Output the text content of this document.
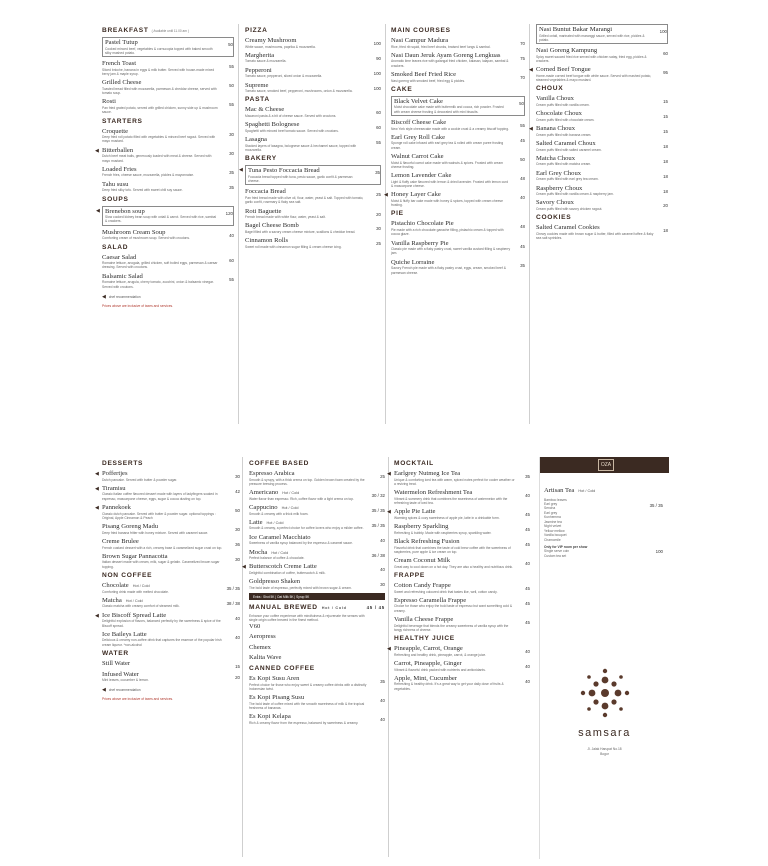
BREAKFAST ( Available until 11.00 am )
Pastel Tutup
Cooked minced beef, vegetables & cornucopia topped with baked smooth silky mashed potato.
50
French Toast
Sliced brioche, banana in eggs & milk butter. Served with house-made mixed berry jam & maple syrup.
55
Grilled Cheese
Toasted bread filled with mozzarella, parmesan & cheddar cheese, served with tomato soup.
50
Rosti
Pan fried grated potato, served with grilled chicken, sunny side up & mushroom sauce.
55
STARTERS
Croquette
Deep fried roll potato filled with vegetables & minced beef ragout. Served with mayo mustard.
30
◀ Bitterballen
Dutch beef meat balls, generously loaded with meat & cheese. Served with mayo mustard.
30
Loaded Fries
French fries, cheese sauce, mozzarella, pickles & mayonnaise.
35
Tahu susu
Deep fried silky tofu. Served with sweet chili soy sauce.
35
SOUPS
◀ Brenebon soup
Slow cooked kidney bean soup with oxtail & carrot. Served with rice, sambal & crackers.
120
Mushroom Cream Soup
Comforting cream of mushroom soup. Served with croutons.
40
SALAD
Caesar Salad
Romaine lettuce, anogala, grilled chicken, soft boiled eggs, parmesan & caesar dressing. Served with croutons.
60
Balsamic Salad
Romaine lettuce, arugula, cherry tomato, zucchini, onion & balsamic vinegar. Served with croutons.
55
◀ chef recommendation
Prices above are inclusive of taxes and services.
PIZZA
Creamy Mushroom
White sauce, mushrooms, paprika & mozzarella.
100
Margherita
Tomato sauce & mozzarella.
90
Pepperoni
Tomato sauce, pepperoni, sliced onion & mozzarella.
100
Supreme
Tomato sauce, smoked beef, pepperoni, mushrooms, onion & mozzarella.
100
PASTA
Mac & Cheese
Macaroni pasta & a bit of cheese sauce. Served with croutons.
60
Spaghetti Bolognese
Spaghetti with minced beef tomato sauce. Served with croutons.
60
Lasagna
Stacked layers of lasagna, bolognese sauce & bechamel sauce, topped with mozzarella.
55
BAKERY
◀ Tuna Pesto Foccacia Bread
Foccacia bread topped with tuna, pesto sauce, garlic confit & parmesan cheese.
35
Foccacia Bread
Pan fried bread made with olive oil, flour, water, yeast & salt. Topped with tomato, garlic confit, rosemary & flaky sea salt.
25
Roti Baguette
French bread made with white flour, water, yeast & salt.
20
Bagel Cheese Bomb
Bagel filled with a savory cream cheese mixture, scallions & cheddar bread.
30
Cinnamon Rolls
Sweet roll made with cinnamon sugar filling & cream cheese icing.
25
MAIN COURSES
Nasi Campur Madura
Rice, fried rib squid, fried beef chunks, braised beef lungs & sambal.
70
Nasi Daun Jeruk Ayam Goreng Lengkuas
Aromatic lime leaves rice with galangal fried chicken, kalasan, lalapan, sambal & crackers.
75
Smoked Beef Fried Rice
Nasi goreng with smoked beef, fried egg & pickles.
70
CAKE
Black Velvet Cake
Moist chocolate cake made with buttermilk and cocoa, rich powder. Frosted with cream cheese frosting & decorated with mini biscuits.
50
Biscoff Cheese Cake
New York style cheesecake made with a cookie crust & a creamy biscoff topping.
55
Earl Grey Roll Cake
Sponge roll cake infused with earl grey tea & rolled with cream puree frosting cream.
45
Walnut Carrot Cake
Moist & flavorful carrot cake made with walnuts & spices. Frosted with cream cheese frosting.
50
Lemon Lavender Cake
Light & fluffy cake flavored with lemon & dried lavender. Frosted with lemon curd & mascarpone cheese.
48
◀ Honey Layer Cake
Moist & fluffy bar cake made with honey & spices, topped with cream cheese frosting.
40
PIE
Pistachio Chocolate Pie
Pie made with a rich chocolate ganache filling, pistachio cream & topped with cocoa glaze.
48
Vanilla Raspberry Pie
Classic pie made with a flaky pastry crust, sweet vanilla custard filling & raspberry jam.
45
Quiche Lorraine
Savory French pie made with a flaky pastry crust, eggs, cream, smoked beef & parmesan cheese.
35
Nasi Buntut Bakar Marangi
Grilled oxtail, marinated with maranggi sauce, served with rice, pickles & potato.
100
Nasi Goreng Kampung
Spicy sweet sauced fried rice served with chicken satay, fried egg, pickles & crackers.
60
◀ Corned Beef Tongue
Home-made corned beef tongue with white sauce. Served with mashed potato, steamed vegetables & mayo mustard.
95
CHOUX
Vanilla Choux
Cream puffs filled with vanilla cream.
15
Chocolate Choux
Cream puffs filled with chocolate cream.
15
◀ Banana Choux
Cream puffs filled with banana cream.
15
Salted Caramel Choux
Cream puffs filled with salted caramel cream.
18
Matcha Choux
Cream puffs filled with matcha cream.
18
Earl Grey Choux
Cream puffs filled with earl grey tea cream.
18
Raspberry Choux
Cream puffs filled with vanilla cream & raspberry jam.
18
Savory Choux
Cream puffs filled with savory chicken ragout.
20
COOKIES
Salted Caramel Cookies
Chewy cookies made with brown sugar & butter, filled with caramel toffee & flaky sea salt sprinkles.
18
DESSERTS
◀ Poffertjes
Dutch pancake. Served with butter & powder sugar.
30
◀ Tiramisu
Classic italian coffee flavored dessert made with layers of ladyfingers soaked in espresso, mascarpone cheese, eggs, sugar & cocoa dusting on top.
42
◀ Pannekoek
Classic dutch pancake. Served with butter & powder sugar. optional toppings : Original, Apple Cinnamon & Peach
50
Pisang Goreng Madu
Deep fried banana fritter with honey mixture. Served with caramel sauce.
30
Creme Brulee
French custard dessert with a rich, creamy base & caramelized sugar crust on top.
36
Brown Sugar Pannacotta
Italian dessert made with cream, milk, sugar & gelatin. Caramelized brown sugar topping.
30
NON COFFEE
Chocolate Hot / Cold
Comforting drink made with melted chocolate.
35 / 35
Matcha Hot / Cold
Classic matcha with creamy comfort of steamed milk.
38 / 38
◀ Ice Biscoff Spread Latte
Delightful explosion of flavors, balanced perfectly by the sweetness & spice of the Biscoff spread.
40
Ice Baileys Latte
Delicious & creamy non-coffee drink that captures the essence of the popular Irish cream liqueur. *non-alcohol
40
WATER
Still Water	15
Infused Water
Mint leaves, cucumber & lemon.
20
◀ chef recommendation
Prices above are inclusive of taxes and services.
COFFEE BASED
Espresso Arabica
Smooth & syrupy, with a thick crema on top. Golden brown foam created by the pressure brewing process.
25
Americano Hot / Cold
Water flavor than espresso. Rich, coffee flavor with a light crema on top.
30 / 32
Cappucino Hot / Cold
Smooth & creamy with a thick milk foam.
35 / 35
Latte Hot / Cold
Smooth & creamy, a perfect choice for coffee lovers who enjoy a milder coffee.
35 / 35
Ice Caramel Macchiato
Sweetness of vanilla syrup balanced by the espresso & caramel sauce.
40
Mocha Hot / Cold
Perfect balance of coffee & chocolate.
36 / 38
◀ Butterscotch Creme Latte
Delightful combination of coffee, butterscotch & milk.
40
Goldpresso Shaken
The bold taste of espresso, perfectly mixed with brown sugar & cream.
30
Extra : Shot 5K | Oat Milk 5K | Syrup 5K
MANUAL BREWED Hot / Cold	45 / 45
Enhance your coffee experience with mindfulness & rejuvenate the senses with single origin coffee brewed in the finest method.
V60
Aeropress
Chemex
Kalita Wave
CANNED COFFEE
Es Kopi Susu Aren
Perfect choice for those who enjoy sweet & creamy coffee drinks with a distinctly Indonesian twist.
35
Es Kopi Pisang Susu
The bold taste of coffee mixed with the smooth sweetness of milk & the tropical freshness of bananas.
40
Es Kopi Kelapa
Rich & creamy flavor from the espresso, balanced by sweetness & creamy.
40
MOCKTAIL
◀ Earlgrey Nutmeg Ice Tea
Unique & comforting iced tea with warm, spiced notes perfect for cooler weather or a reviving treat.
35
Watermelon Refreshment Tea
Vibrant & summery drink that combines the sweetness of watermelon with the refreshing taste of iced tea.
40
◀ Apple Pie Latte
Warming spices & cozy sweetness of apple pie, latte in a drinkable form.
45
Raspberry Sparkling
Refreshing & bubbly. Made with raspberries syrup, sparkling water.
45
Black Refreshing Fusion
Flavorful drink that combines the taste of cold brew coffee with the sweetness of raspberries, pure apple & ice cream on top.
45
Cream Coconut Milk
Great way to cool down on a hot day. They are also a healthy and nutritious drink.
40
FRAPPE
Cotton Candy Frappe
Sweet and refreshing coloured drink that tastes like, well, cotton candy.
45
Espresso Caramella Frappe
Choice for those who enjoy the bold taste of espresso but want something cold & creamy.
45
Vanilla Cheese Frappe
Delightful beverage that blends the creamy sweetness of vanilla syrup with the tangy richness of cheese.
45
HEALTHY JUICE
◀ Pineapple, Carrot, Orange
Refreshing and healthy drink, pineapple, carrot, & orange juice.
40
Carrot, Pineapple, Ginger
Vibrant & flavorful drink packed with nutrients and antioxidants.
40
Apple, Mint, Cucumber
Refreshing & healthy drink. It's a great way to get your daily dose of fruits & vegetables.
40
OZA
Artisan Tea Hot / Cold
35 / 35
Bamboo leaves
Earl grey
Sencha
Earl grey
Kunhemma
Jasmine tea
Night velvet
Yellow mellow
Vanilla bouquet
Chamomile
Only for VIP room per show
Single serve coin
Custom tea set
100
samsara
Jl. Jalak Harupat No.18
Bogor
